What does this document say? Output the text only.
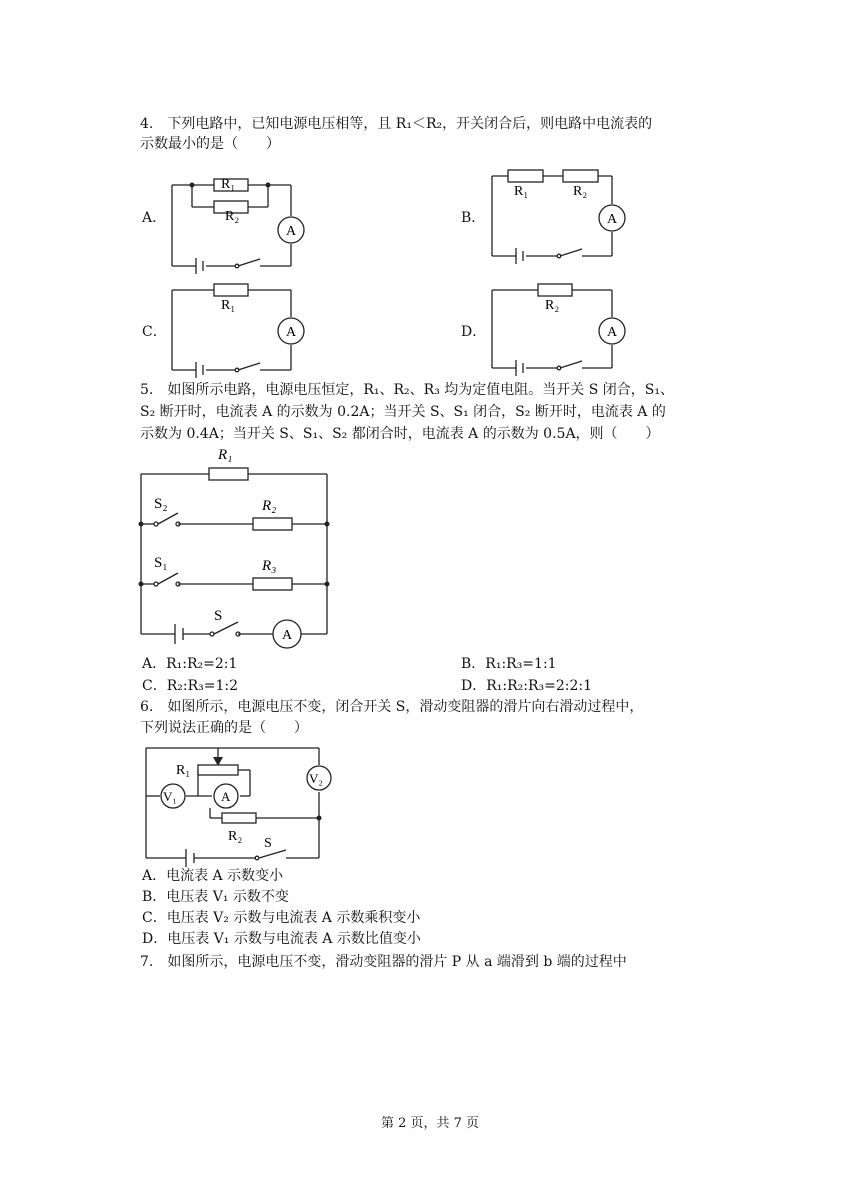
4.　下列电路中，已知电源电压相等，且 R₁＜R₂，开关闭合后，则电路中电流表的
示数最小的是（　　）
A．	B．
C．	D．
R₁
R₂
A
R₁	R₂
A
R₁
A
R₂
A
5.　如图所示电路，电源电压恒定，R₁、R₂、R₃ 均为定值电阻。当开关 S 闭合，S₁、
S₂ 断开时，电流表 A 的示数为 0.2A；当开关 S、S₁ 闭合，S₂ 断开时，电流表 A 的
示数为 0.4A；当开关 S、S₁、S₂ 都闭合时，电流表 A 的示数为 0.5A，则（　　）
R₁
R₂
R₃
S₂
S₁
S
A
A．R₁:R₂=2:1	B．R₁:R₃=1:1
C．R₂:R₃=1:2	D．R₁:R₂:R₃=2:2:1
6.　如图所示，电源电压不变，闭合开关 S，滑动变阻器的滑片向右滑动过程中，
下列说法正确的是（　　）
R₁
R₂
V₁
V₂
A
S
A．电流表 A 示数变小
B．电压表 V₁ 示数不变
C．电压表 V₂ 示数与电流表 A 示数乘积变小
D．电压表 V₁ 示数与电流表 A 示数比值变小
7.　如图所示，电源电压不变，滑动变阻器的滑片 P 从 a 端滑到 b 端的过程中
第 2 页，共 7 页
